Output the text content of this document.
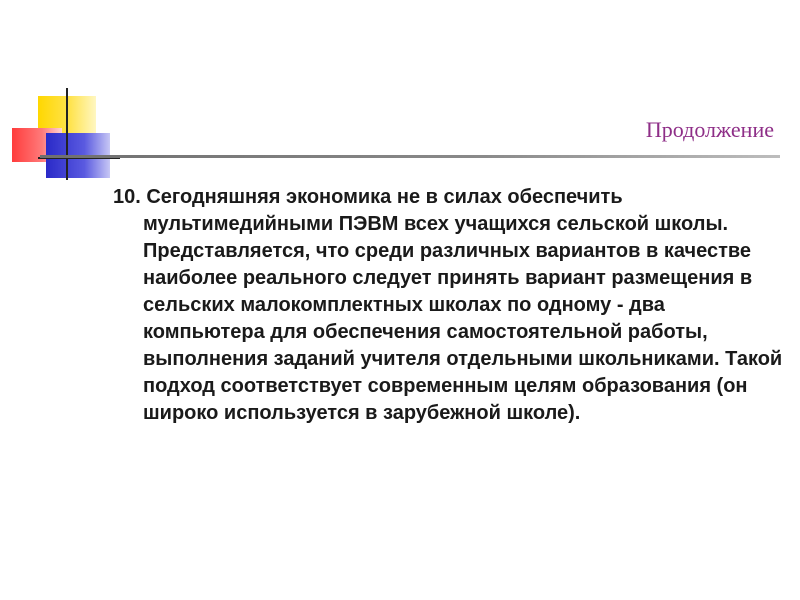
Продолжение

10. Сегодняшняя экономика не в силах обеспечить мультимедийными ПЭВМ всех учащихся сельской школы. Представляется, что среди различных вариантов в качестве наиболее реального следует принять вариант размещения в сельских малокомплектных школах по одному - два компьютера для обеспечения самостоятельной работы, выполнения заданий учителя отдельными школьниками. Такой подход соответствует современным целям образования (он широко используется в зарубежной школе).
